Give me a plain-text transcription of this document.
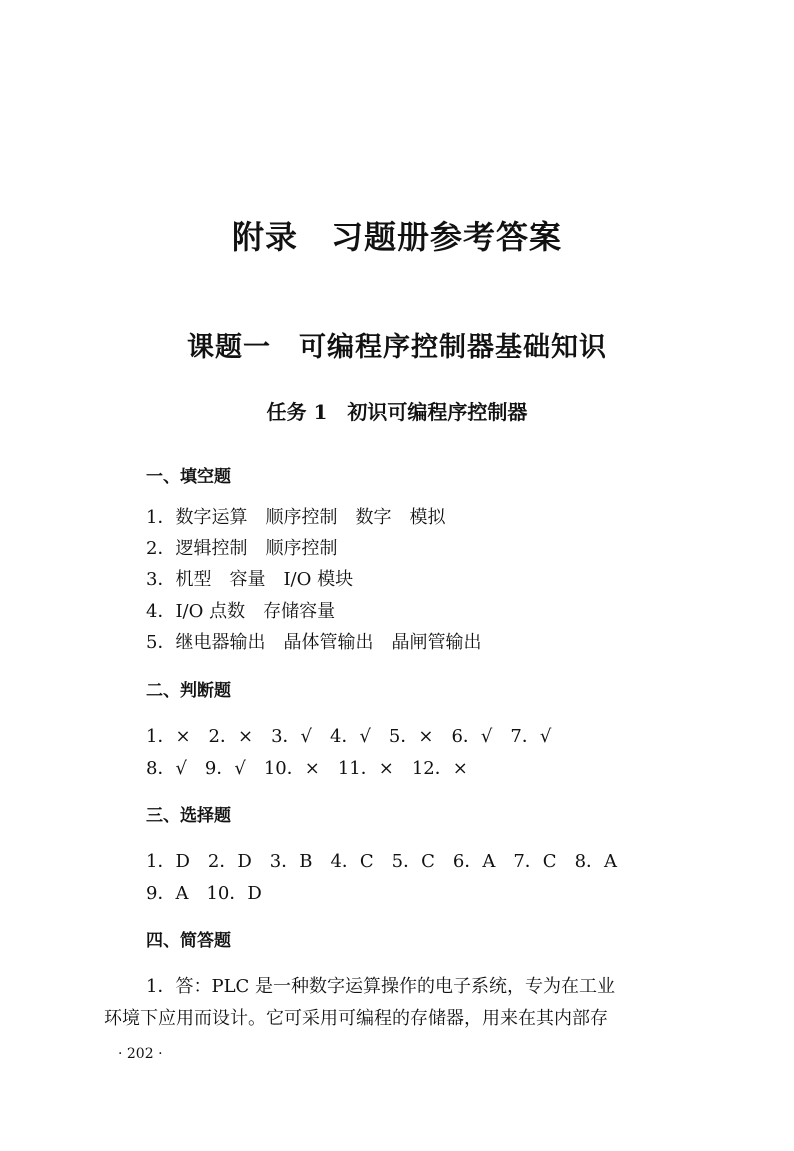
附录　习题册参考答案
课题一　可编程序控制器基础知识
任务 1　初识可编程序控制器
一、填空题
1．数字运算　顺序控制　数字　模拟
2．逻辑控制　顺序控制
3．机型　容量　I/O 模块
4．I/O 点数　存储容量
5．继电器输出　晶体管输出　晶闸管输出
二、判断题
1．×　2．×　3．√　4．√　5．×　6．√　7．√
8．√　9．√　10．×　11．×　12．×
三、选择题
1．D　2．D　3．B　4．C　5．C　6．A　7．C　8．A
9．A　10．D
四、简答题
1．答：PLC 是一种数字运算操作的电子系统，专为在工业
环境下应用而设计。它可采用可编程的存储器，用来在其内部存
· 202 ·
